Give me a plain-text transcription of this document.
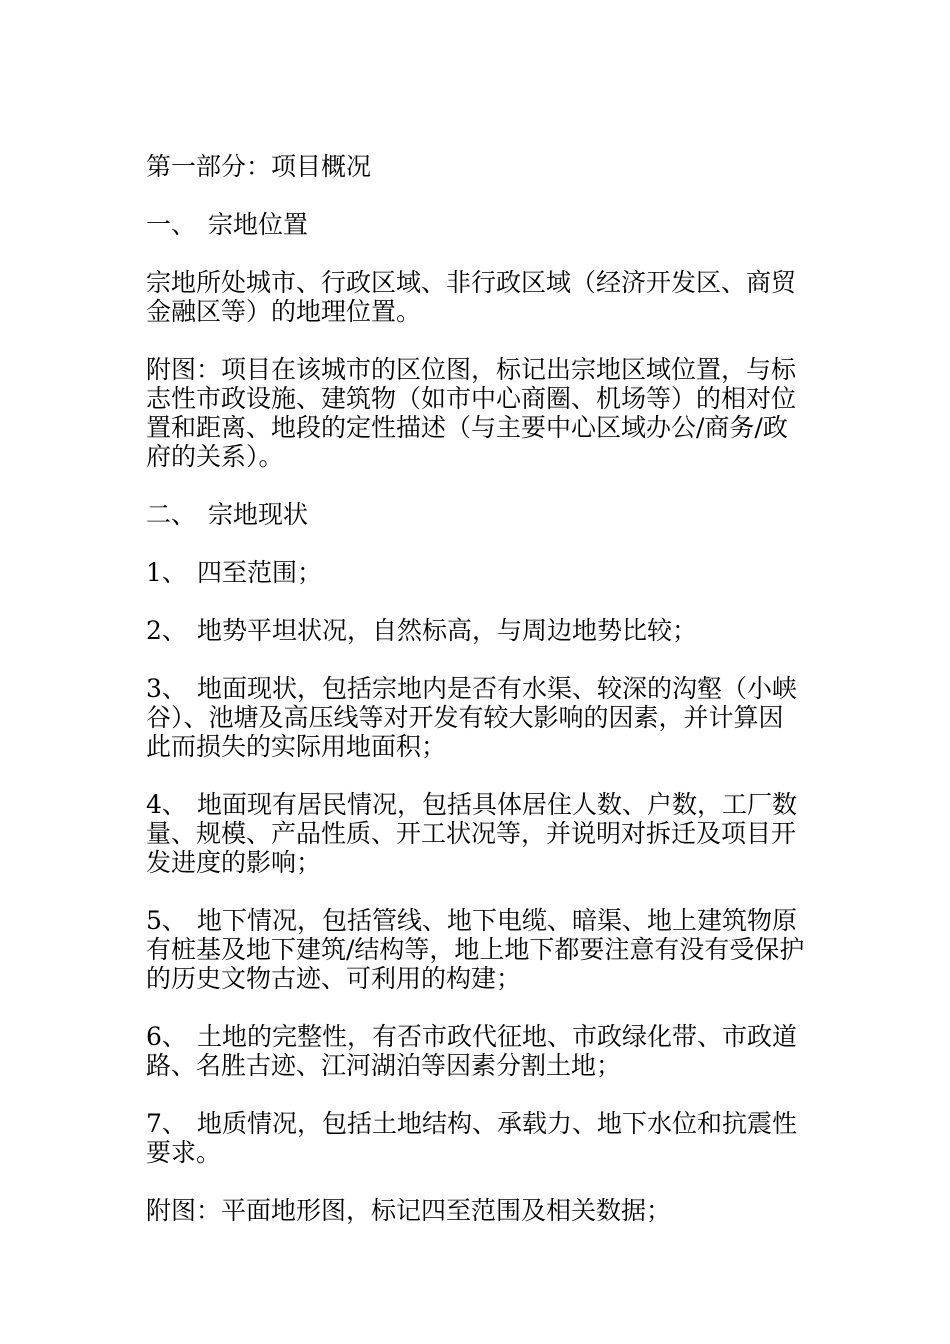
第一部分：项目概况

一、 宗地位置

宗地所处城市、行政区域、非行政区域（经济开发区、商贸金融区等）的地理位置。

附图：项目在该城市的区位图，标记出宗地区域位置，与标志性市政设施、建筑物（如市中心商圈、机场等）的相对位置和距离、地段的定性描述（与主要中心区域办公/商务/政府的关系）。

二、 宗地现状

1、 四至范围；

2、 地势平坦状况，自然标高，与周边地势比较；

3、 地面现状，包括宗地内是否有水渠、较深的沟壑（小峡谷）、池塘及高压线等对开发有较大影响的因素，并计算因此而损失的实际用地面积；

4、 地面现有居民情况，包括具体居住人数、户数，工厂数量、规模、产品性质、开工状况等，并说明对拆迁及项目开发进度的影响；

5、 地下情况，包括管线、地下电缆、暗渠、地上建筑物原有桩基及地下建筑/结构等，地上地下都要注意有没有受保护的历史文物古迹、可利用的构建；

6、 土地的完整性，有否市政代征地、市政绿化带、市政道路、名胜古迹、江河湖泊等因素分割土地；

7、 地质情况，包括土地结构、承载力、地下水位和抗震性要求。

附图：平面地形图，标记四至范围及相关数据；
